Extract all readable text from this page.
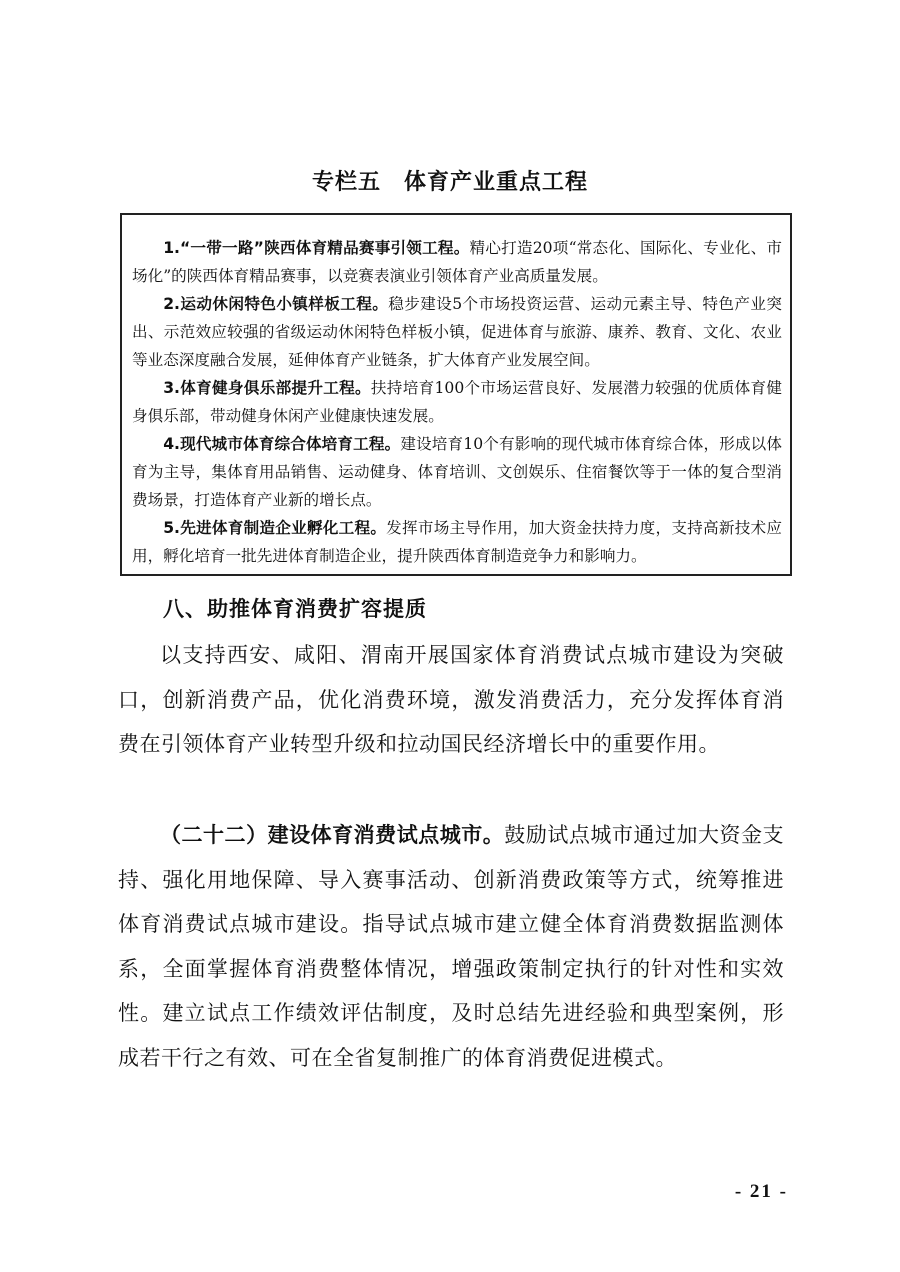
专栏五　体育产业重点工程

1.“一带一路”陕西体育精品赛事引领工程。精心打造20项“常态化、国际化、专业化、市场化”的陕西体育精品赛事，以竞赛表演业引领体育产业高质量发展。

2.运动休闲特色小镇样板工程。稳步建设5个市场投资运营、运动元素主导、特色产业突出、示范效应较强的省级运动休闲特色样板小镇，促进体育与旅游、康养、教育、文化、农业等业态深度融合发展，延伸体育产业链条，扩大体育产业发展空间。

3.体育健身俱乐部提升工程。扶持培育100个市场运营良好、发展潜力较强的优质体育健身俱乐部，带动健身休闲产业健康快速发展。

4.现代城市体育综合体培育工程。建设培育10个有影响的现代城市体育综合体，形成以体育为主导，集体育用品销售、运动健身、体育培训、文创娱乐、住宿餐饮等于一体的复合型消费场景，打造体育产业新的增长点。

5.先进体育制造企业孵化工程。发挥市场主导作用，加大资金扶持力度，支持高新技术应用，孵化培育一批先进体育制造企业，提升陕西体育制造竞争力和影响力。

八、助推体育消费扩容提质

以支持西安、咸阳、渭南开展国家体育消费试点城市建设为突破口，创新消费产品，优化消费环境，激发消费活力，充分发挥体育消费在引领体育产业转型升级和拉动国民经济增长中的重要作用。

（二十二）建设体育消费试点城市。鼓励试点城市通过加大资金支持、强化用地保障、导入赛事活动、创新消费政策等方式，统筹推进体育消费试点城市建设。指导试点城市建立健全体育消费数据监测体系，全面掌握体育消费整体情况，增强政策制定执行的针对性和实效性。建立试点工作绩效评估制度，及时总结先进经验和典型案例，形成若干行之有效、可在全省复制推广的体育消费促进模式。

- 21 -
